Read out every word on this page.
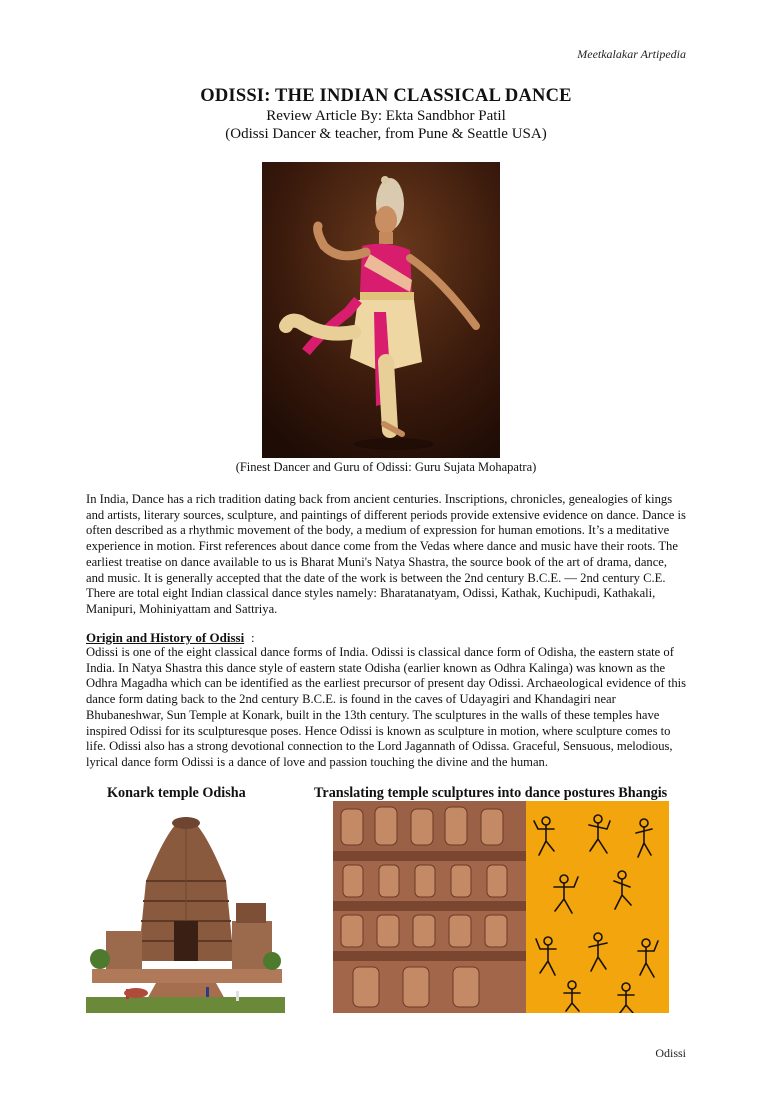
Meetkalakar Artipedia
ODISSI: THE INDIAN CLASSICAL DANCE
Review Article By: Ekta Sandbhor Patil
(Odissi Dancer & teacher, from Pune & Seattle USA)
(Finest Dancer and Guru of Odissi: Guru Sujata Mohapatra)
In India, Dance has a rich tradition dating back from ancient centuries. Inscriptions, chronicles, genealogies of kings and artists, literary sources, sculpture, and paintings of different periods provide extensive evidence on dance. Dance is often described as a rhythmic movement of the body, a medium of expression for human emotions. It’s a meditative experience in motion. First references about dance come from the Vedas where dance and music have their roots. The earliest treatise on dance available to us is Bharat Muni's Natya Shastra, the source book of the art of drama, dance, and music. It is generally accepted that the date of the work is between the 2nd century B.C.E. — 2nd century C.E. There are total eight Indian classical dance styles namely: Bharatanatyam, Odissi, Kathak, Kuchipudi, Kathakali, Manipuri, Mohiniyattam and Sattriya.
Origin and History of Odissi :
Odissi is one of the eight classical dance forms of India. Odissi is classical dance form of Odisha, the eastern state of India. In Natya Shastra this dance style of eastern state Odisha (earlier known as Odhra Kalinga) was known as the Odhra Magadha which can be identified as the earliest precursor of present day Odissi. Archaeological evidence of this dance form dating back to the 2nd century B.C.E. is found in the caves of Udayagiri and Khandagiri near Bhubaneshwar, Sun Temple at Konark, built in the 13th century. The sculptures in the walls of these temples have inspired Odissi for its sculpturesque poses. Hence Odissi is known as sculpture in motion, where sculpture comes to life. Odissi also has a strong devotional connection to the Lord Jagannath of Odissa. Graceful, Sensuous, melodious, lyrical dance form Odissi is a dance of love and passion touching the divine and the human.
Konark temple Odisha	Translating temple sculptures into dance postures Bhangis
Odissi
